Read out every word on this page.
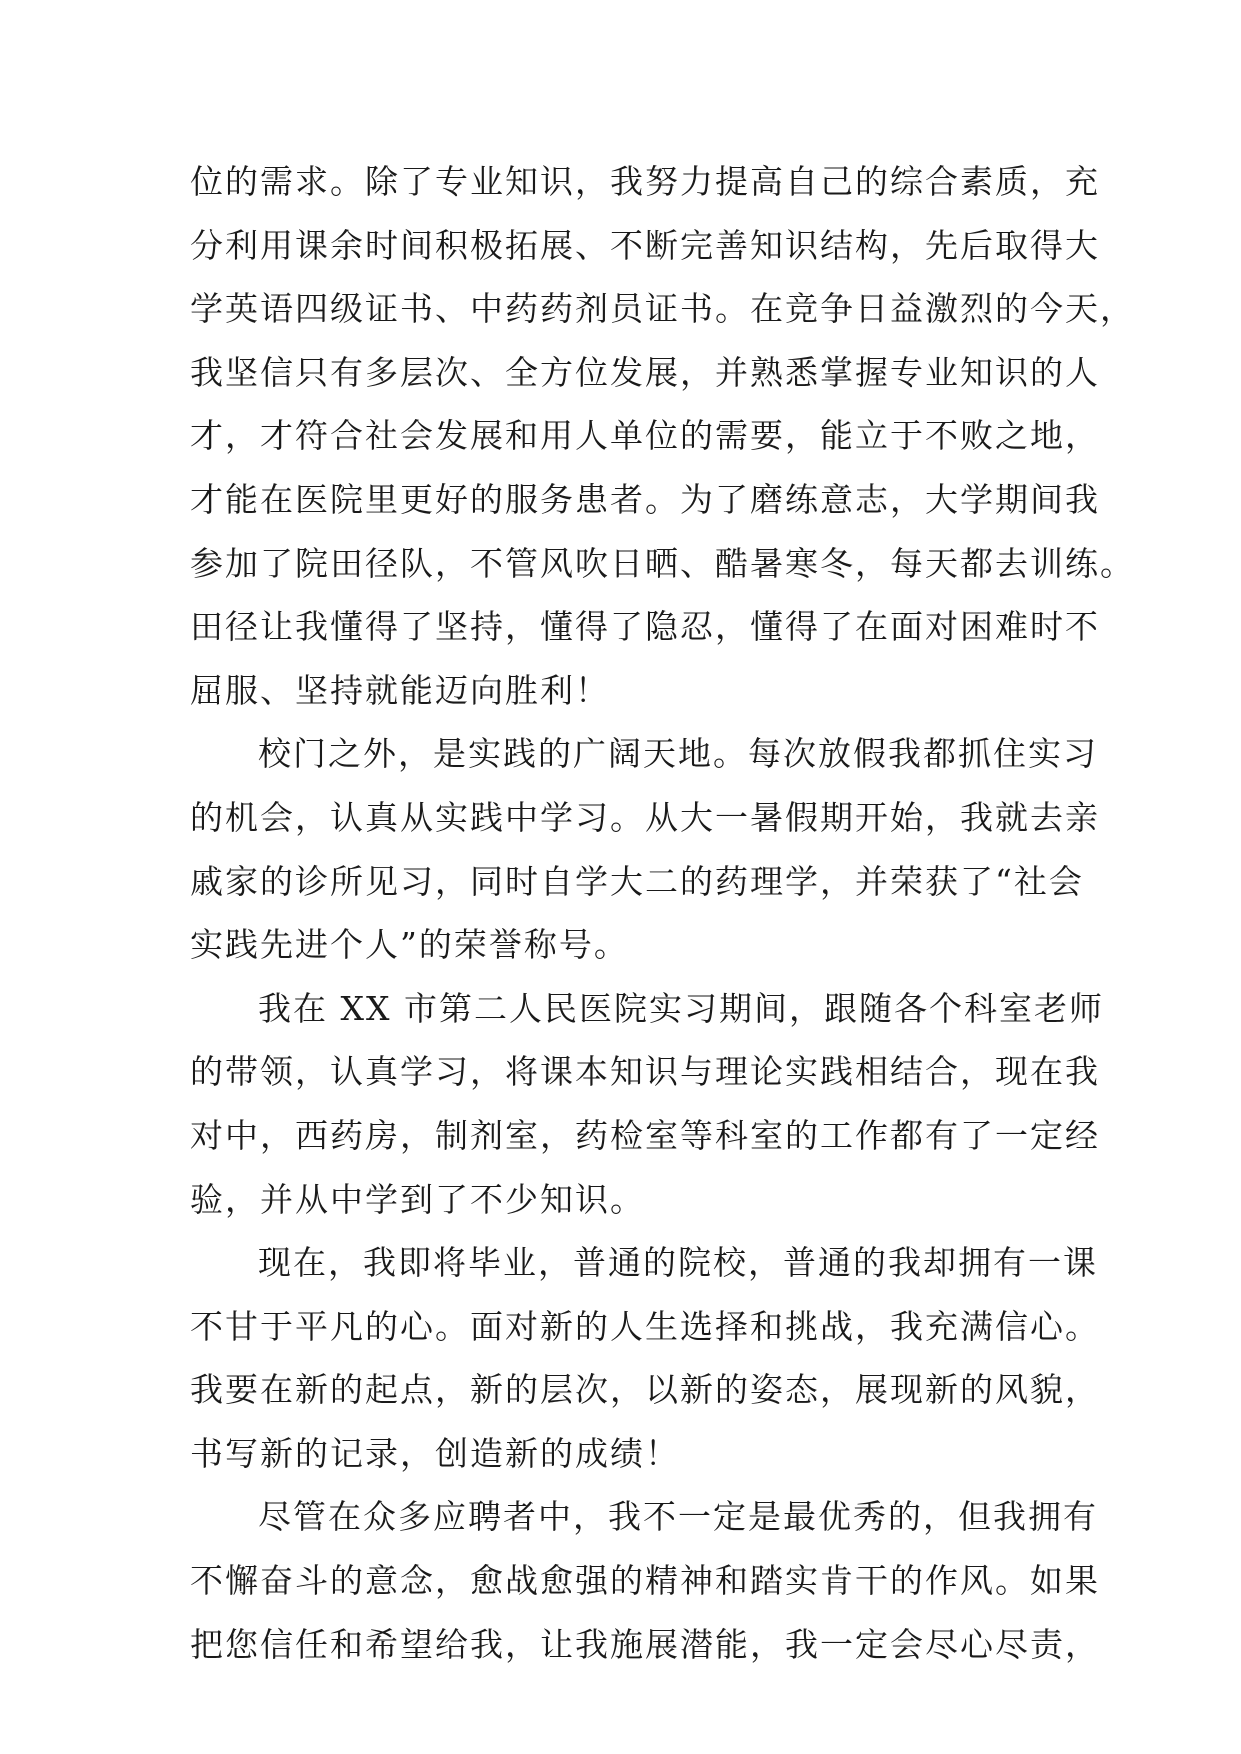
位的需求。除了专业知识，我努力提高自己的综合素质，充
分利用课余时间积极拓展、不断完善知识结构，先后取得大
学英语四级证书、中药药剂员证书。在竞争日益激烈的今天，
我坚信只有多层次、全方位发展，并熟悉掌握专业知识的人
才，才符合社会发展和用人单位的需要，能立于不败之地，
才能在医院里更好的服务患者。为了磨练意志，大学期间我
参加了院田径队，不管风吹日晒、酷暑寒冬，每天都去训练。
田径让我懂得了坚持，懂得了隐忍，懂得了在面对困难时不
屈服、坚持就能迈向胜利！
校门之外，是实践的广阔天地。每次放假我都抓住实习
的机会，认真从实践中学习。从大一暑假期开始，我就去亲
戚家的诊所见习，同时自学大二的药理学，并荣获了“社会
实践先进个人”的荣誉称号。
我在 XX 市第二人民医院实习期间，跟随各个科室老师
的带领，认真学习，将课本知识与理论实践相结合，现在我
对中，西药房，制剂室，药检室等科室的工作都有了一定经
验，并从中学到了不少知识。
现在，我即将毕业，普通的院校，普通的我却拥有一课
不甘于平凡的心。面对新的人生选择和挑战，我充满信心。
我要在新的起点，新的层次，以新的姿态，展现新的风貌，
书写新的记录，创造新的成绩！
尽管在众多应聘者中，我不一定是最优秀的，但我拥有
不懈奋斗的意念，愈战愈强的精神和踏实肯干的作风。如果
把您信任和希望给我，让我施展潜能，我一定会尽心尽责，
